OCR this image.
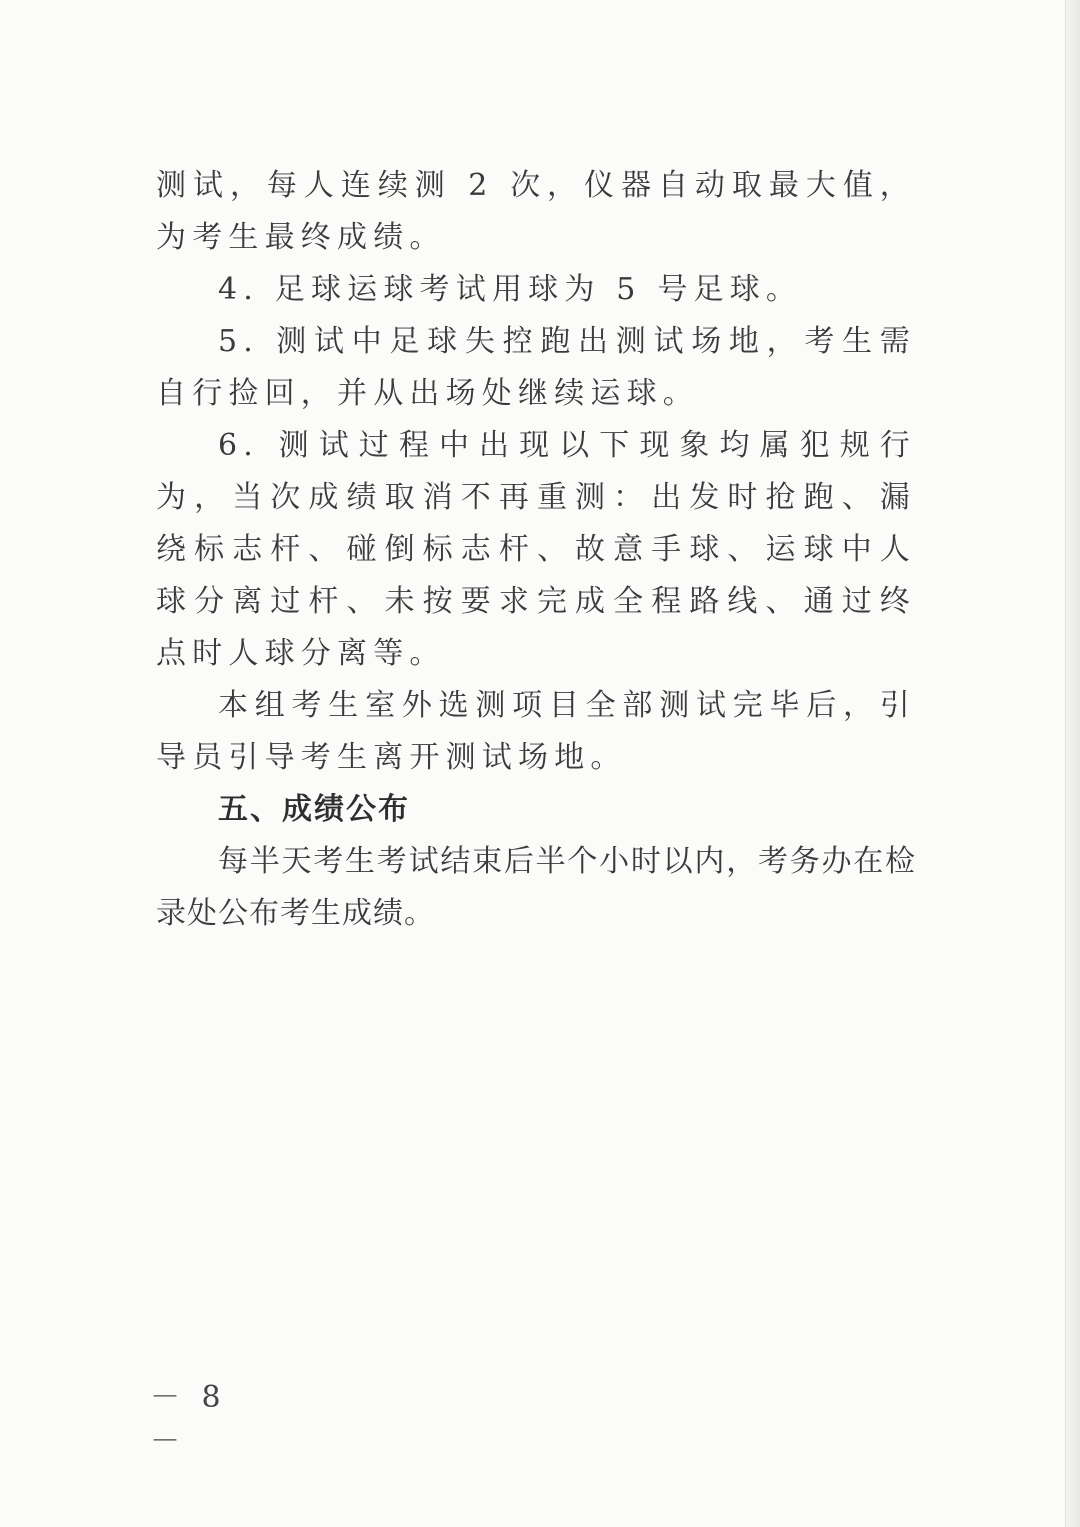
测试，每人连续测 2 次，仪器自动取最大值，为考生最终成绩。

4. 足球运球考试用球为 5 号足球。

5. 测试中足球失控跑出测试场地，考生需自行捡回，并从出场处继续运球。

6. 测试过程中出现以下现象均属犯规行为，当次成绩取消不再重测：出发时抢跑、漏绕标志杆、碰倒标志杆、故意手球、运球中人球分离过杆、未按要求完成全程路线、通过终点时人球分离等。

本组考生室外选测项目全部测试完毕后，引导员引导考生离开测试场地。

五、成绩公布

每半天考生考试结束后半个小时以内，考务办在检录处公布考生成绩。

－ 8 －
